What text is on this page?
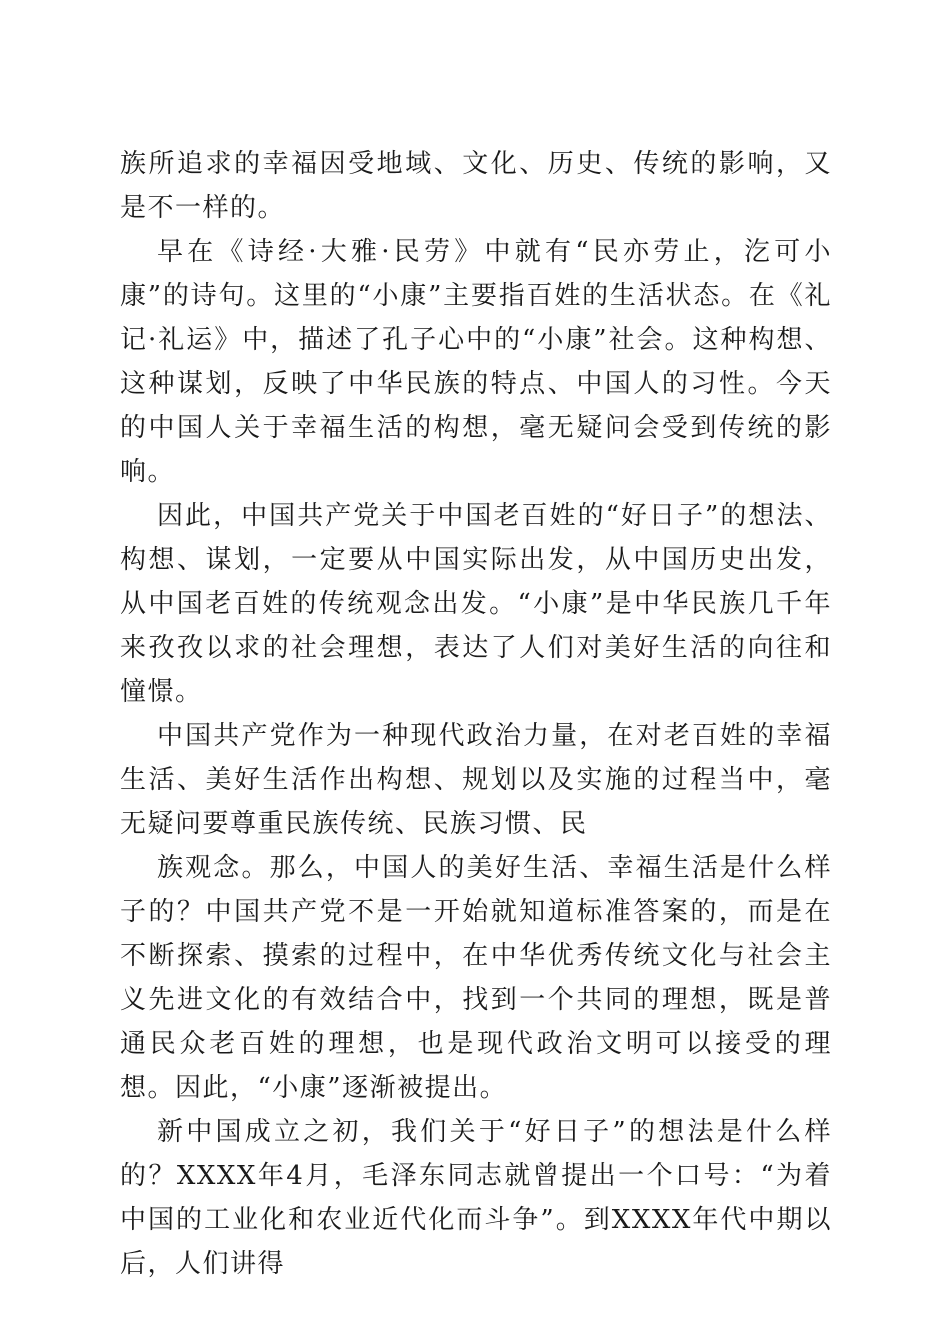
族所追求的幸福因受地域、文化、历史、传统的影响，又是不一样的。

早在《诗经·大雅·民劳》中就有“民亦劳止，汔可小康”的诗句。这里的“小康”主要指百姓的生活状态。在《礼记·礼运》中，描述了孔子心中的“小康”社会。这种构想、这种谋划，反映了中华民族的特点、中国人的习性。今天的中国人关于幸福生活的构想，毫无疑问会受到传统的影响。

因此，中国共产党关于中国老百姓的“好日子”的想法、构想、谋划，一定要从中国实际出发，从中国历史出发，从中国老百姓的传统观念出发。“小康”是中华民族几千年来孜孜以求的社会理想，表达了人们对美好生活的向往和憧憬。

中国共产党作为一种现代政治力量，在对老百姓的幸福生活、美好生活作出构想、规划以及实施的过程当中，毫无疑问要尊重民族传统、民族习惯、民

族观念。那么，中国人的美好生活、幸福生活是什么样子的？中国共产党不是一开始就知道标准答案的，而是在不断探索、摸索的过程中，在中华优秀传统文化与社会主义先进文化的有效结合中，找到一个共同的理想，既是普通民众老百姓的理想，也是现代政治文明可以接受的理想。因此，“小康”逐渐被提出。

新中国成立之初，我们关于“好日子”的想法是什么样的？XXXX年4月，毛泽东同志就曾提出一个口号：“为着中国的工业化和农业近代化而斗争”。到XXXX年代中期以后，人们讲得
